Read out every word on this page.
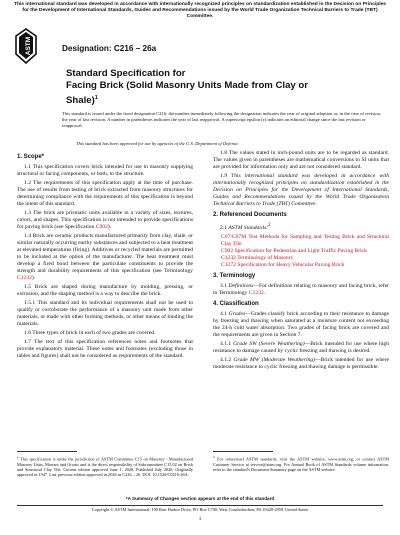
This international standard was developed in accordance with internationally recognized principles on standardization established in the Decision on Principles for the Development of International Standards, Guides and Recommendations issued by the World Trade Organization Technical Barriers to Trade (TBT) Committee.
ASTM	Designation: C216 – 26a
Standard Specification for
Facing Brick (Solid Masonry Units Made from Clay or
Shale)$^1$
This standard is issued under the fixed designation C216; the number immediately following the designation indicates the year of original adoption or, in the case of revision, the year of last revision. A number in parentheses indicates the year of last reapproval. A superscript epsilon (ε) indicates an editorial change since the last revision or reapproval.
This standard has been approved for use by agencies of the U.S. Department of Defense.
1. Scope*

1.1 This specification covers brick intended for use in masonry supplying structural or facing components, or both, to the structure.

1.2 The requirements of this specification apply at the time of purchase. The use of results from testing of brick extracted from masonry structures for determining compliance with the requirements of this specification is beyond the intent of this standard.

1.3 The brick are prismatic units available in a variety of sizes, textures, colors, and shapes. This specification is not intended to provide specifications for paving brick (see Specification C902).

1.4 Brick are ceramic products manufactured primarily from clay, shale, or similar naturally occurring earthy substances and subjected to a heat treatment at elevated temperatures (firing). Additives or recycled materials are permitted to be included at the option of the manufacturer. The heat treatment must develop a fired bond between the particulate constituents to provide the strength and durability requirements of this specification (see Terminology C1232).

1.5 Brick are shaped during manufacture by molding, pressing, or extrusion, and the shaping method is a way to describe the brick.

1.5.1 This standard and its individual requirements shall not be used to qualify or corroborate the performance of a masonry unit made from other materials, or made with other forming methods, or other means of binding the materials.

1.6 Three types of brick in each of two grades are covered.

1.7 The text of this specification references notes and footnotes that provide explanatory material. These notes and footnotes (excluding those in tables and figures) shall not be considered as requirements of the standard.

1.8 The values stated in inch-pound units are to be regarded as standard. The values given in parentheses are mathematical conversions to SI units that are provided for information only and are not considered standard.

1.9 This international standard was developed in accordance with internationally recognized principles on standardization established in the Decision on Principles for the Development of International Standards, Guides and Recommendations issued by the World Trade Organization Technical Barriers to Trade (TBT) Committee.

2. Referenced Documents

2.1 ASTM Standards:$^2$

C67/C67M Test Methods for Sampling and Testing Brick and Structural Clay Tile

C902 Specification for Pedestrian and Light Traffic Paving Brick

C1232 Terminology of Masonry

C1272 Specification for Heavy Vehicular Paving Brick

3. Terminology

3.1 Definitions—For definitions relating to masonry and facing brick, refer to Terminology C1232.

4. Classification

4.1 Grades—Grades classify brick according to their resistance to damage by freezing and thawing when saturated at a moisture content not exceeding the 24-h cold water absorption. Two grades of facing brick are covered and the requirements are given in Section 7.

4.1.1 Grade SW (Severe Weathering)—Brick intended for use where high resistance to damage caused by cyclic freezing and thawing is desired.

4.1.2 Grade MW (Moderate Weathering)—Brick intended for use where moderate resistance to cyclic freezing and thawing damage is permissible.

$^1$ This specification is under the jurisdiction of ASTM Committee C15 on Masonry - Manufactured Masonry Units, Mortars and Grouts and is the direct responsibility of Subcommittee C15.02 on Brick and Structural Clay Tile. Current edition approved June 1, 2026. Published July 2026. Originally approved in 1947. Last previous edition approved in 2026 as C216 – 26. DOI: 10.1520/C0216-26A.
$^2$ For referenced ASTM standards, visit the ASTM website, www.astm.org, or contact ASTM Customer Service at service@astm.org. For Annual Book of ASTM Standards volume information, refer to the standard's Document Summary page on the ASTM website.
*A Summary of Changes section appears at the end of this standard
Copyright © ASTM International, 100 Barr Harbor Drive, PO Box C700, West Conshohocken, PA 19428-2959. United States
1
